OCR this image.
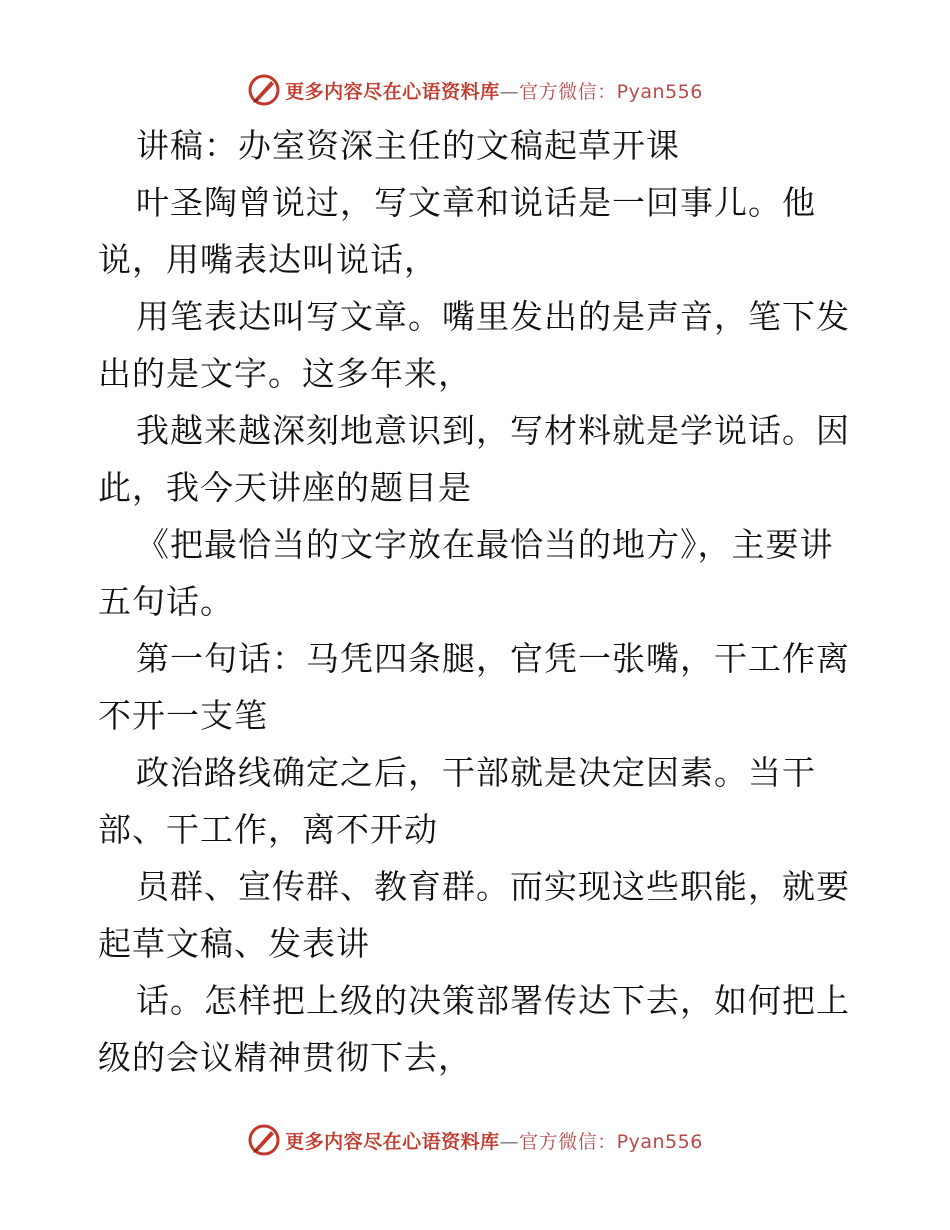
更多内容尽在心语资料库—官方微信：Pyan556
讲稿：办室资深主任的文稿起草开课
叶圣陶曾说过，写文章和说话是一回事儿。他
说，用嘴表达叫说话，
用笔表达叫写文章。嘴里发出的是声音，笔下发
出的是文字。这多年来，
我越来越深刻地意识到，写材料就是学说话。因
此，我今天讲座的题目是
《把最恰当的文字放在最恰当的地方》，主要讲
五句话。
第一句话：马凭四条腿，官凭一张嘴，干工作离
不开一支笔
政治路线确定之后，干部就是决定因素。当干
部、干工作，离不开动
员群、宣传群、教育群。而实现这些职能，就要
起草文稿、发表讲
话。怎样把上级的决策部署传达下去，如何把上
级的会议精神贯彻下去，
更多内容尽在心语资料库—官方微信：Pyan556
